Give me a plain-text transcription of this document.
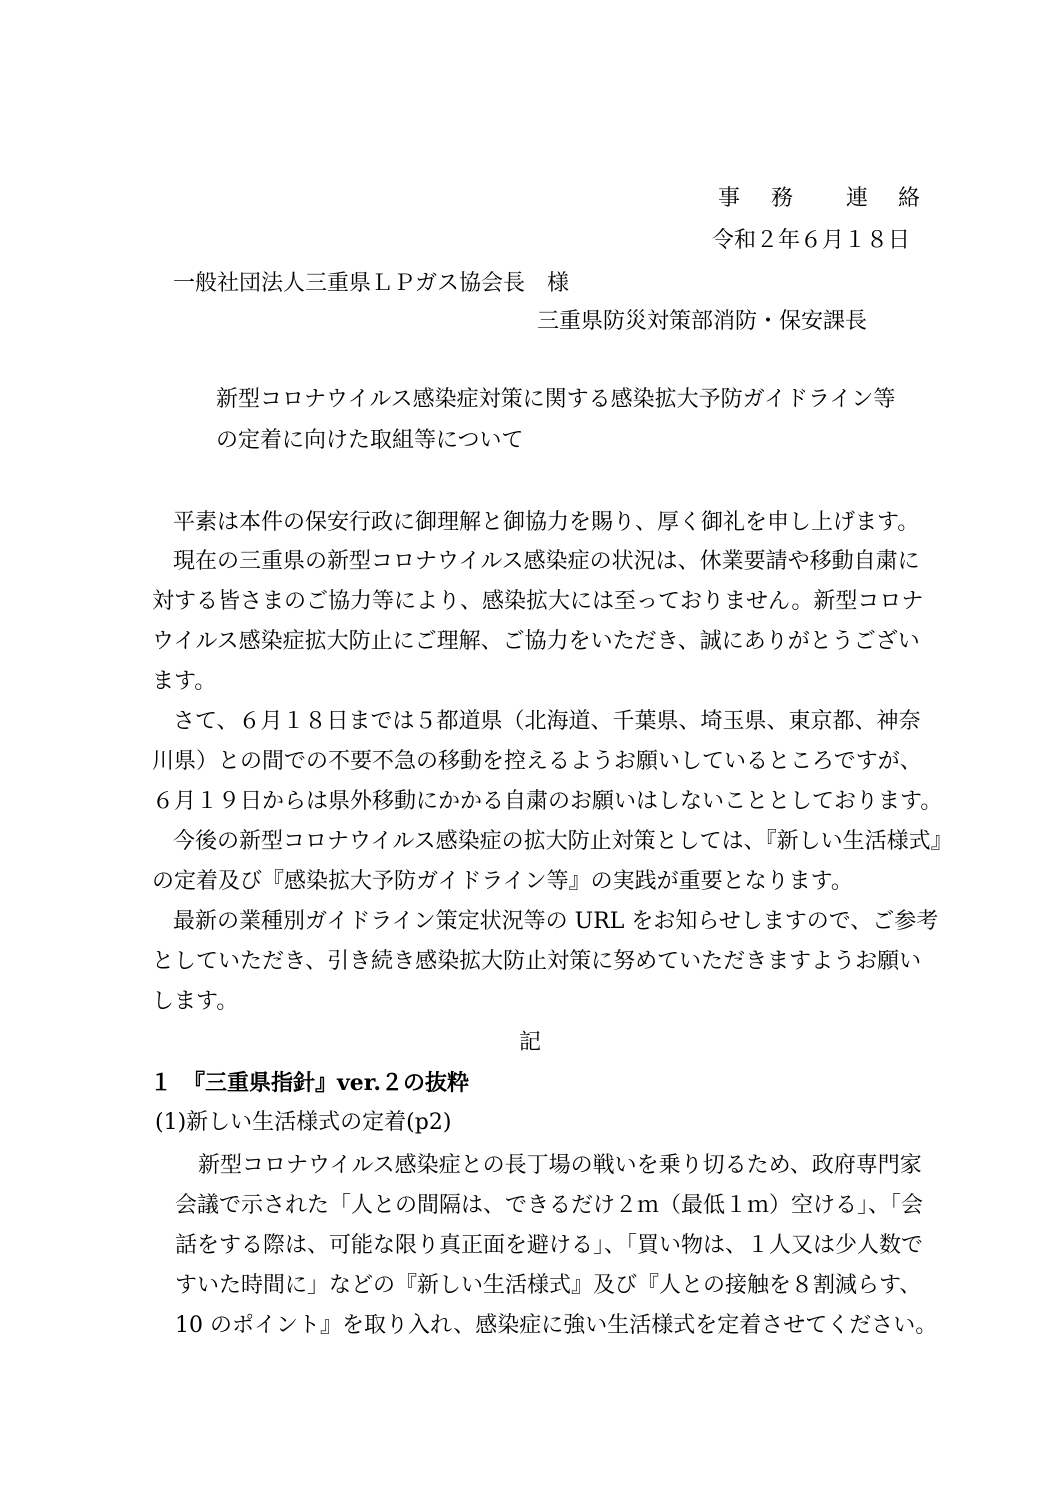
事 務 連 絡
令和２年６月１８日
一般社団法人三重県ＬＰガス協会長　様
三重県防災対策部消防・保安課長
新型コロナウイルス感染症対策に関する感染拡大予防ガイドライン等
の定着に向けた取組等について
平素は本件の保安行政に御理解と御協力を賜り、厚く御礼を申し上げます。
現在の三重県の新型コロナウイルス感染症の状況は、休業要請や移動自粛に
対する皆さまのご協力等により、感染拡大には至っておりません。新型コロナ
ウイルス感染症拡大防止にご理解、ご協力をいただき、誠にありがとうござい
ます。
さて、６月１８日までは５都道県（北海道、千葉県、埼玉県、東京都、神奈
川県）との間での不要不急の移動を控えるようお願いしているところですが、
６月１９日からは県外移動にかかる自粛のお願いはしないこととしております。
今後の新型コロナウイルス感染症の拡大防止対策としては、『新しい生活様式』
の定着及び『感染拡大予防ガイドライン等』の実践が重要となります。
最新の業種別ガイドライン策定状況等の URL をお知らせしますので、ご参考
としていただき、引き続き感染拡大防止対策に努めていただきますようお願い
します。
記
１　『三重県指針』ver.２の抜粋
(1)新しい生活様式の定着(p2)
新型コロナウイルス感染症との長丁場の戦いを乗り切るため、政府専門家
会議で示された「人との間隔は、できるだけ２ｍ（最低１ｍ）空ける」、「会
話をする際は、可能な限り真正面を避ける」、「買い物は、１人又は少人数で
すいた時間に」などの『新しい生活様式』及び『人との接触を８割減らす、
10 のポイント』を取り入れ、感染症に強い生活様式を定着させてください。
